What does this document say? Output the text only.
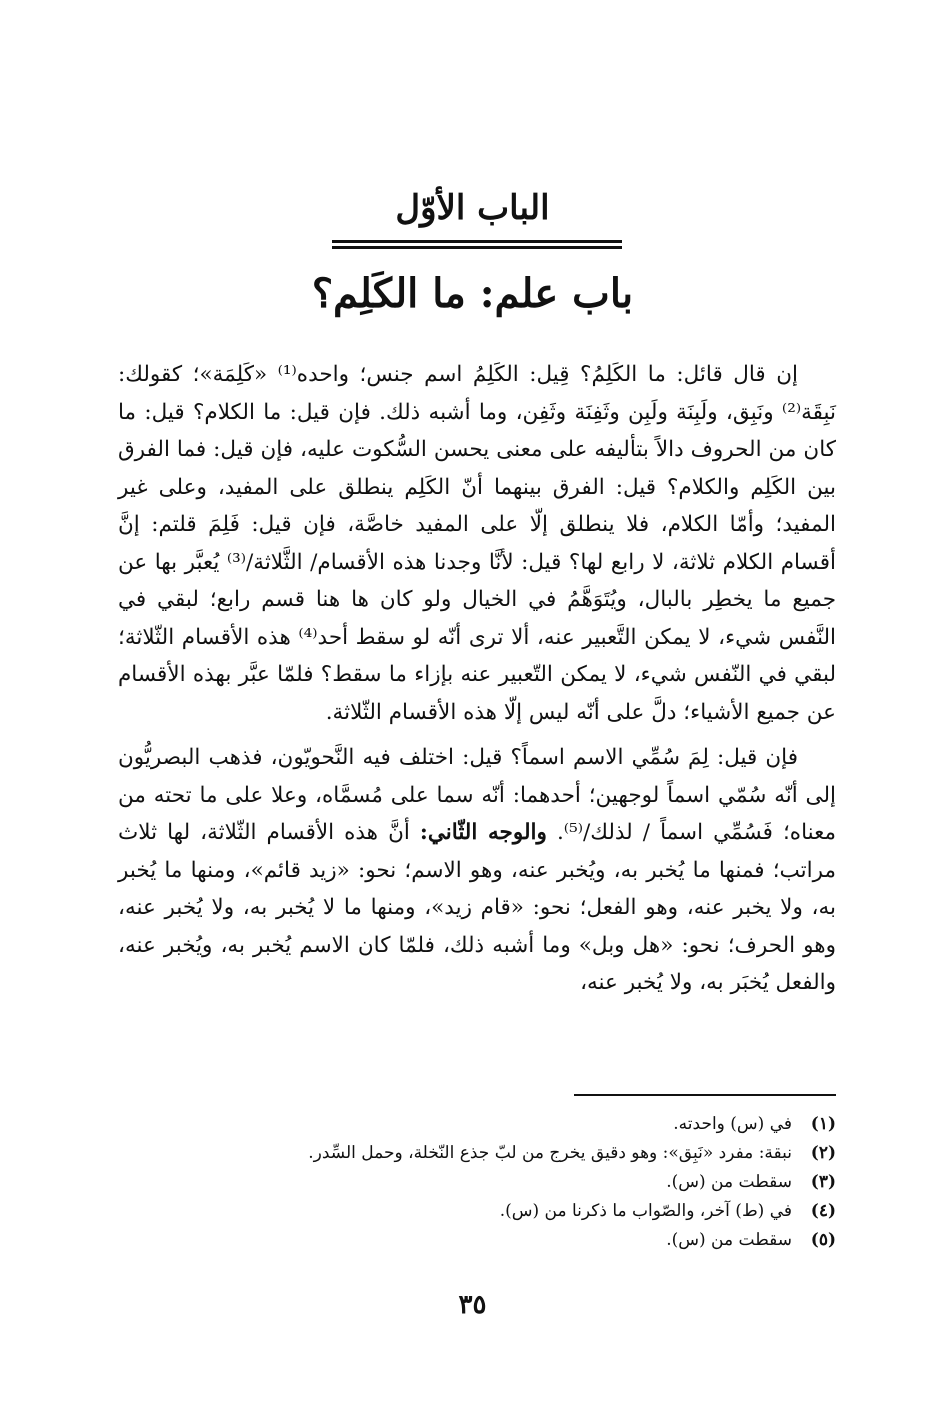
الباب الأوّل
باب علم: ما الكَلِم؟

إن قال قائل: ما الكَلِمُ؟ قِيل: الكَلِمُ اسم جنس؛ واحده⁽¹⁾ «كَلِمَة»؛ كقولك: نَبِقَة⁽²⁾ ونَبِق، ولَبِنَة ولَبِن وثَفِنَة وثَفِن، وما أشبه ذلك. فإن قيل: ما الكلام؟ قيل: ما كان من الحروف دالاً بتأليفه على معنى يحسن السُّكوت عليه، فإن قيل: فما الفرق بين الكَلِم والكلام؟ قيل: الفرق بينهما أنّ الكَلِم ينطلق على المفيد، وعلى غير المفيد؛ وأمّا الكلام، فلا ينطلق إلّا على المفيد خاصَّة، فإن قيل: فَلِمَ قلتم: إنَّ أقسام الكلام ثلاثة، لا رابع لها؟ قيل: لأنَّا وجدنا هذه الأقسام/ الثَّلاثة/⁽³⁾ يُعبَّر بها عن جميع ما يخطِر بالبال، ويُتَوَهَّمُ في الخيال ولو كان ها هنا قسم رابع؛ لبقي في النَّفس شيء، لا يمكن التَّعبير عنه، ألا ترى أنّه لو سقط أحد⁽⁴⁾ هذه الأقسام الثّلاثة؛ لبقي في النّفس شيء، لا يمكن التّعبير عنه بإزاء ما سقط؟ فلمّا عبَّر بهذه الأقسام عن جميع الأشياء؛ دلَّ على أنّه ليس إلّا هذه الأقسام الثّلاثة.

فإن قيل: لِمَ سُمِّي الاسم اسماً؟ قيل: اختلف فيه النَّحويّون، فذهب البصريُّون إلى أنّه سُمّي اسماً لوجهين؛ أحدهما: أنّه سما على مُسمَّاه، وعلا على ما تحته من معناه؛ فَسُمِّي اسماً / لذلك/⁽⁵⁾. والوجه الثّاني: أنَّ هذه الأقسام الثّلاثة، لها ثلاث مراتب؛ فمنها ما يُخبر به، ويُخبر عنه، وهو الاسم؛ نحو: «زيد قائم»، ومنها ما يُخبر به، ولا يخبر عنه، وهو الفعل؛ نحو: «قام زيد»، ومنها ما لا يُخبر به، ولا يُخبر عنه، وهو الحرف؛ نحو: «هل وبل» وما أشبه ذلك، فلمّا كان الاسم يُخبر به، ويُخبر عنه، والفعل يُخبَر به، ولا يُخبر عنه،

(١)في (س) واحدته.
(٢)نبقة: مفرد «نَبِق»: وهو دقيق يخرج من لبّ جذع النّخلة، وحمل السِّدر.
(٣)سقطت من (س).
(٤)في (ط) آخر، والصّواب ما ذكرنا من (س).
(٥)سقطت من (س).
٣٥
